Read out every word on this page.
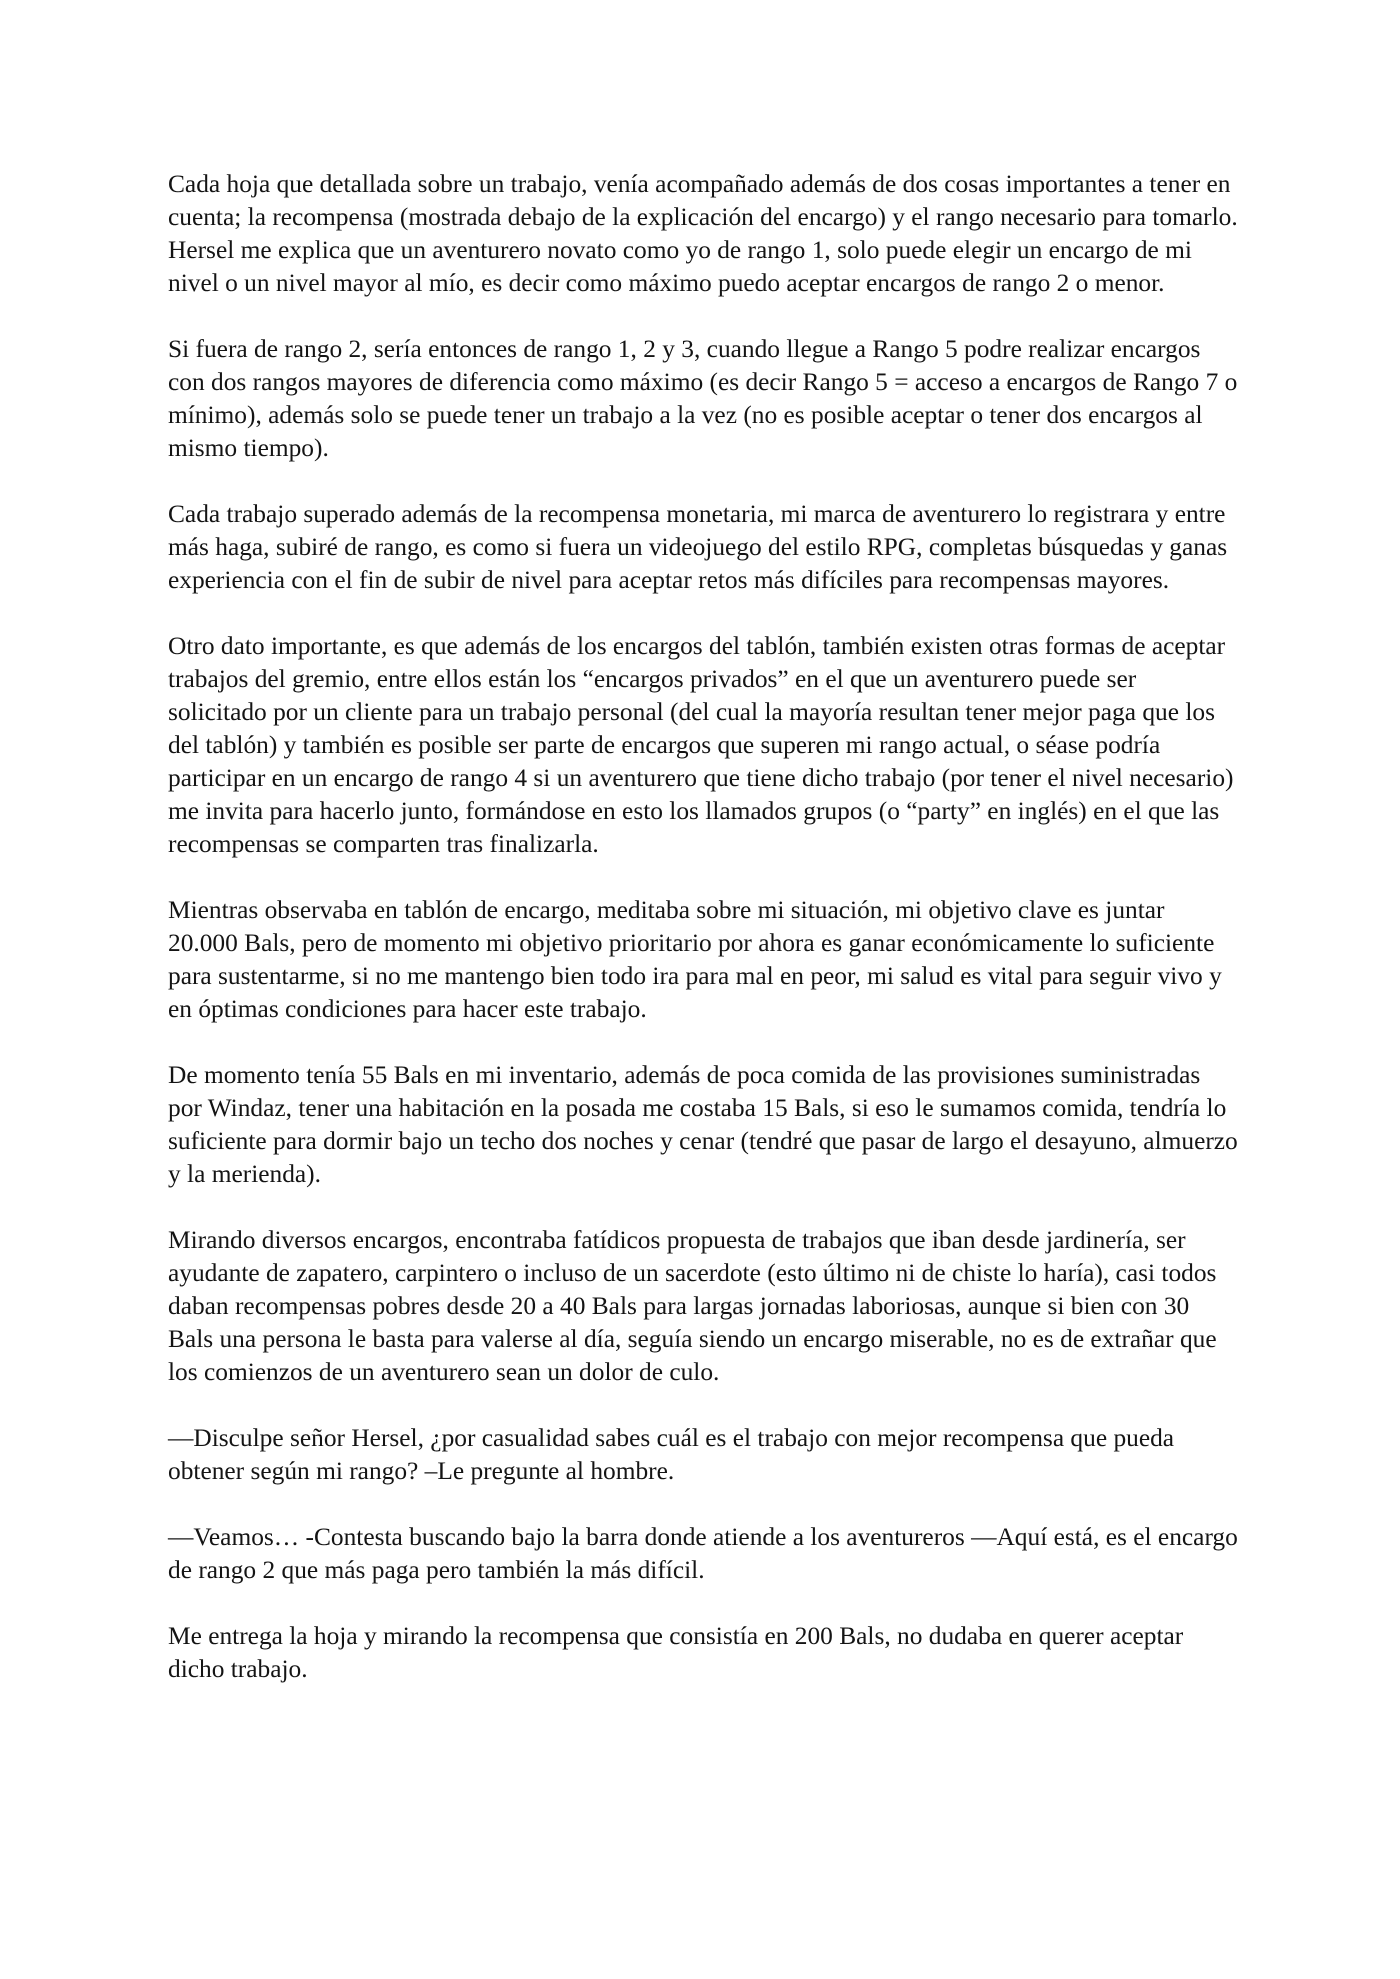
Cada hoja que detallada sobre un trabajo, venía acompañado además de dos cosas importantes a tener en cuenta; la recompensa (mostrada debajo de la explicación del encargo) y el rango necesario para tomarlo. Hersel me explica que un aventurero novato como yo de rango 1, solo puede elegir un encargo de mi nivel o un nivel mayor al mío, es decir como máximo puedo aceptar encargos de rango 2 o menor.

Si fuera de rango 2, sería entonces de rango 1, 2 y 3, cuando llegue a Rango 5 podre realizar encargos con dos rangos mayores de diferencia como máximo (es decir Rango 5 = acceso a encargos de Rango 7 o mínimo), además solo se puede tener un trabajo a la vez (no es posible aceptar o tener dos encargos al mismo tiempo).

Cada trabajo superado además de la recompensa monetaria, mi marca de aventurero lo registrara y entre más haga, subiré de rango, es como si fuera un videojuego del estilo RPG, completas búsquedas y ganas experiencia con el fin de subir de nivel para aceptar retos más difíciles para recompensas mayores.

Otro dato importante, es que además de los encargos del tablón, también existen otras formas de aceptar trabajos del gremio, entre ellos están los “encargos privados” en el que un aventurero puede ser solicitado por un cliente para un trabajo personal (del cual la mayoría resultan tener mejor paga que los del tablón) y también es posible ser parte de encargos que superen mi rango actual, o séase podría participar en un encargo de rango 4 si un aventurero que tiene dicho trabajo (por tener el nivel necesario) me invita para hacerlo junto, formándose en esto los llamados grupos (o “party” en inglés) en el que las recompensas se comparten tras finalizarla.

Mientras observaba en tablón de encargo, meditaba sobre mi situación, mi objetivo clave es juntar 20.000 Bals, pero de momento mi objetivo prioritario por ahora es ganar económicamente lo suficiente para sustentarme, si no me mantengo bien todo ira para mal en peor, mi salud es vital para seguir vivo y en óptimas condiciones para hacer este trabajo.

De momento tenía 55 Bals en mi inventario, además de poca comida de las provisiones suministradas por Windaz, tener una habitación en la posada me costaba 15 Bals, si eso le sumamos comida, tendría lo suficiente para dormir bajo un techo dos noches y cenar (tendré que pasar de largo el desayuno, almuerzo y la merienda).

Mirando diversos encargos, encontraba fatídicos propuesta de trabajos que iban desde jardinería, ser ayudante de zapatero, carpintero o incluso de un sacerdote (esto último ni de chiste lo haría), casi todos daban recompensas pobres desde 20 a 40 Bals para largas jornadas laboriosas, aunque si bien con 30 Bals una persona le basta para valerse al día, seguía siendo un encargo miserable, no es de extrañar que los comienzos de un aventurero sean un dolor de culo.

—Disculpe señor Hersel, ¿por casualidad sabes cuál es el trabajo con mejor recompensa que pueda obtener según mi rango? –Le pregunte al hombre.

—Veamos… -Contesta buscando bajo la barra donde atiende a los aventureros —Aquí está, es el encargo de rango 2 que más paga pero también la más difícil.

Me entrega la hoja y mirando la recompensa que consistía en 200 Bals, no dudaba en querer aceptar dicho trabajo.
